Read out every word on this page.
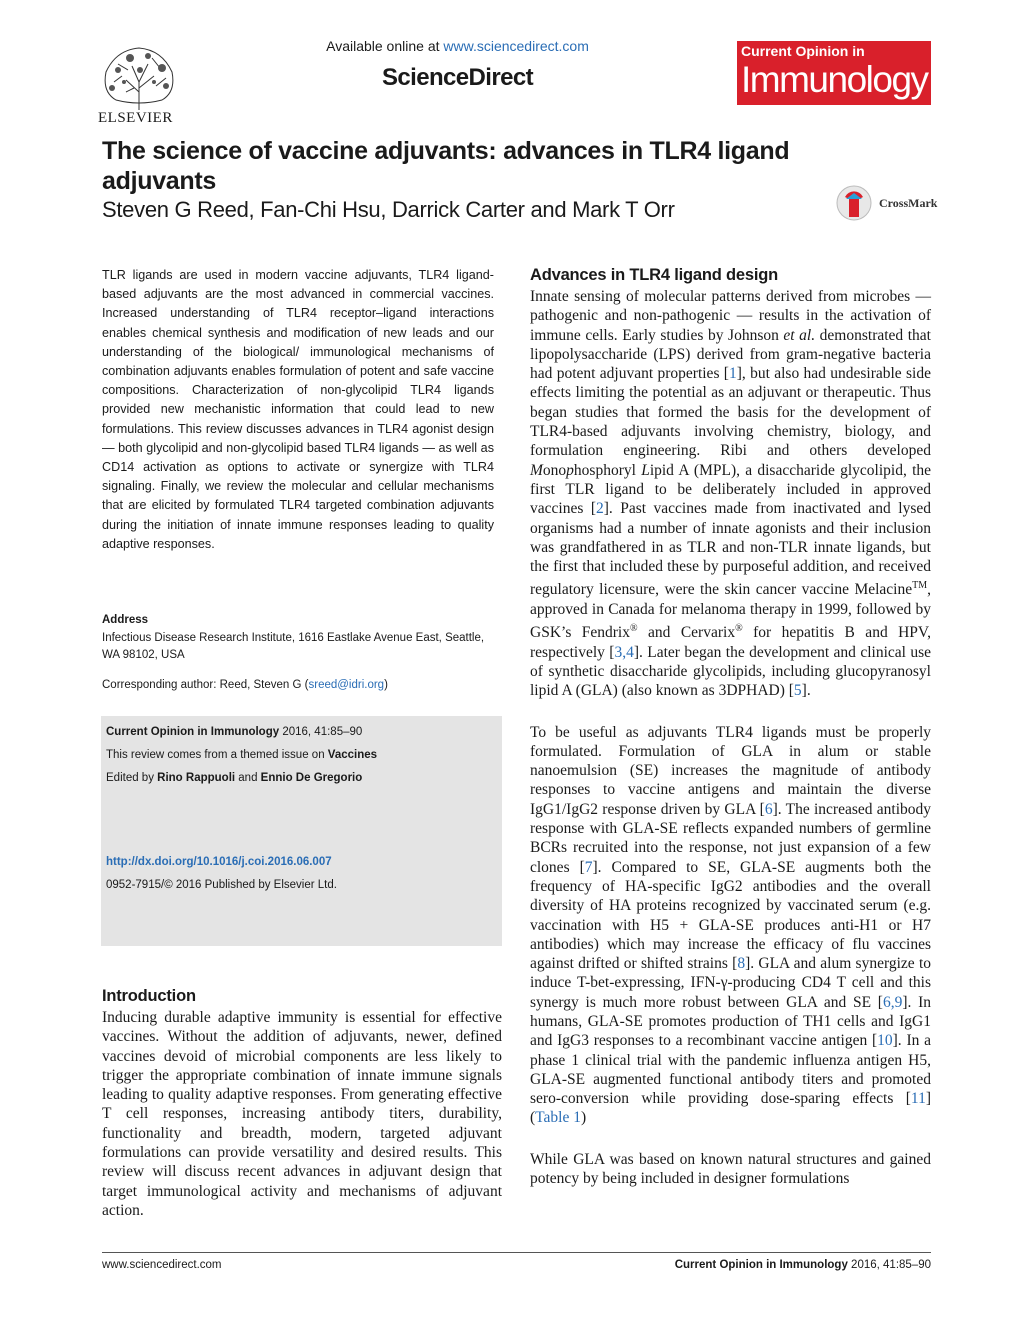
ELSEVIER
Available online at www.sciencedirect.com
ScienceDirect
Current Opinion in
Immunology
The science of vaccine adjuvants: advances in TLR4 ligand adjuvants
Steven G Reed, Fan-Chi Hsu, Darrick Carter and Mark T Orr	CrossMark
TLR ligands are used in modern vaccine adjuvants, TLR4 ligand-based adjuvants are the most advanced in commercial vaccines. Increased understanding of TLR4 receptor–ligand interactions enables chemical synthesis and modification of new leads and our understanding of the biological/ immunological mechanisms of combination adjuvants enables formulation of potent and safe vaccine compositions. Characterization of non-glycolipid TLR4 ligands provided new mechanistic information that could lead to new formulations. This review discusses advances in TLR4 agonist design — both glycolipid and non-glycolipid based TLR4 ligands — as well as CD14 activation as options to activate or synergize with TLR4 signaling. Finally, we review the molecular and cellular mechanisms that are elicited by formulated TLR4 targeted combination adjuvants during the initiation of innate immune responses leading to quality adaptive responses.
Address
Infectious Disease Research Institute, 1616 Eastlake Avenue East, Seattle, WA 98102, USA
Corresponding author: Reed, Steven G (sreed@idri.org)
Current Opinion in Immunology 2016, 41:85–90
This review comes from a themed issue on Vaccines
Edited by Rino Rappuoli and Ennio De Gregorio
http://dx.doi.org/10.1016/j.coi.2016.06.007
0952-7915/© 2016 Published by Elsevier Ltd.
Introduction
Inducing durable adaptive immunity is essential for effective vaccines. Without the addition of adjuvants, newer, defined vaccines devoid of microbial components are less likely to trigger the appropriate combination of innate immune signals leading to quality adaptive responses. From generating effective T cell responses, increasing antibody titers, durability, functionality and breadth, modern, targeted adjuvant formulations can provide versatility and desired results. This review will discuss recent advances in adjuvant design that target immunological activity and mechanisms of adjuvant action.
Advances in TLR4 ligand design

Innate sensing of molecular patterns derived from microbes — pathogenic and non-pathogenic — results in the activation of immune cells. Early studies by Johnson et al. demonstrated that lipopolysaccharide (LPS) derived from gram-negative bacteria had potent adjuvant properties [1], but also had undesirable side effects limiting the potential as an adjuvant or therapeutic. Thus began studies that formed the basis for the development of TLR4-based adjuvants involving chemistry, biology, and formulation engineering. Ribi and others developed Monophosphoryl Lipid A (MPL), a disaccharide glycolipid, the first TLR ligand to be deliberately included in approved vaccines [2]. Past vaccines made from inactivated and lysed organisms had a number of innate agonists and their inclusion was grandfathered in as TLR and non-TLR innate ligands, but the first that included these by purposeful addition, and received regulatory licensure, were the skin cancer vaccine Melacine™, approved in Canada for melanoma therapy in 1999, followed by GSK’s Fendrix® and Cervarix® for hepatitis B and HPV, respectively [3,4]. Later began the development and clinical use of synthetic disaccharide glycolipids, including glucopyranosyl lipid A (GLA) (also known as 3DPHAD) [5].

To be useful as adjuvants TLR4 ligands must be properly formulated. Formulation of GLA in alum or stable nanoemulsion (SE) increases the magnitude of antibody responses to vaccine antigens and maintain the diverse IgG1/IgG2 response driven by GLA [6]. The increased antibody response with GLA-SE reflects expanded numbers of germline BCRs recruited into the response, not just expansion of a few clones [7]. Compared to SE, GLA-SE augments both the frequency of HA-specific IgG2 antibodies and the overall diversity of HA proteins recognized by vaccinated serum (e.g. vaccination with H5 + GLA-SE produces anti-H1 or H7 antibodies) which may increase the efficacy of flu vaccines against drifted or shifted strains [8]. GLA and alum synergize to induce T-bet-expressing, IFN-γ-producing CD4 T cell and this synergy is much more robust between GLA and SE [6,9]. In humans, GLA-SE promotes production of TH1 cells and IgG1 and IgG3 responses to a recombinant vaccine antigen [10]. In a phase 1 clinical trial with the pandemic influenza antigen H5, GLA-SE augmented functional antibody titers and promoted sero-conversion while providing dose-sparing effects [11] (Table 1)

While GLA was based on known natural structures and gained potency by being included in designer formulations

www.sciencedirect.com	Current Opinion in Immunology 2016, 41:85–90
